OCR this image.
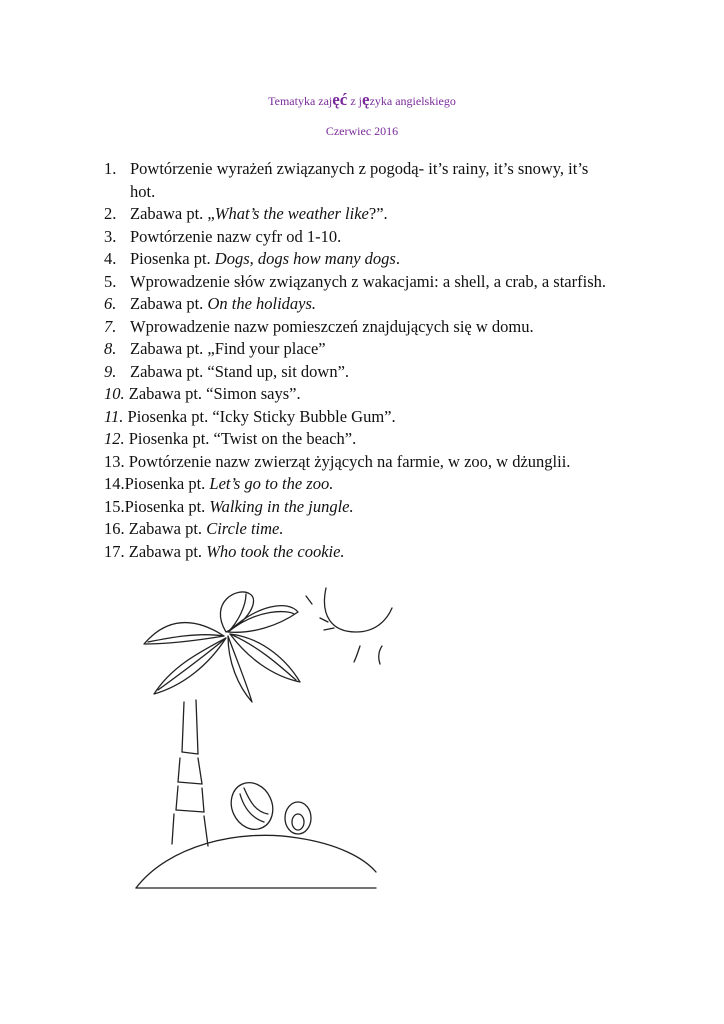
Tematyka zajęć z języka angielskiego
Czerwiec 2016
1. Powtórzenie wyrażeń związanych z pogodą- it’s rainy, it’s snowy, it’s
hot.
2. Zabawa pt. „What’s the weather like?”.
3. Powtórzenie nazw cyfr od 1-10.
4. Piosenka pt. Dogs, dogs how many dogs.
5. Wprowadzenie słów związanych z wakacjami: a shell, a crab, a starfish.
6. Zabawa pt. On the holidays.
7. Wprowadzenie nazw pomieszczeń znajdujących się w domu.
8. Zabawa pt. „Find your place”
9. Zabawa pt. “Stand up, sit down”.
10. Zabawa pt. “Simon says”.
11. Piosenka pt. “Icky Sticky Bubble Gum”.
12. Piosenka pt. “Twist on the beach”.
13. Powtórzenie nazw zwierząt żyjących na farmie, w zoo, w dżunglii.
14.Piosenka pt. Let’s go to the zoo.
15.Piosenka pt. Walking in the jungle.
16. Zabawa pt. Circle time.
17. Zabawa pt. Who took the cookie.
